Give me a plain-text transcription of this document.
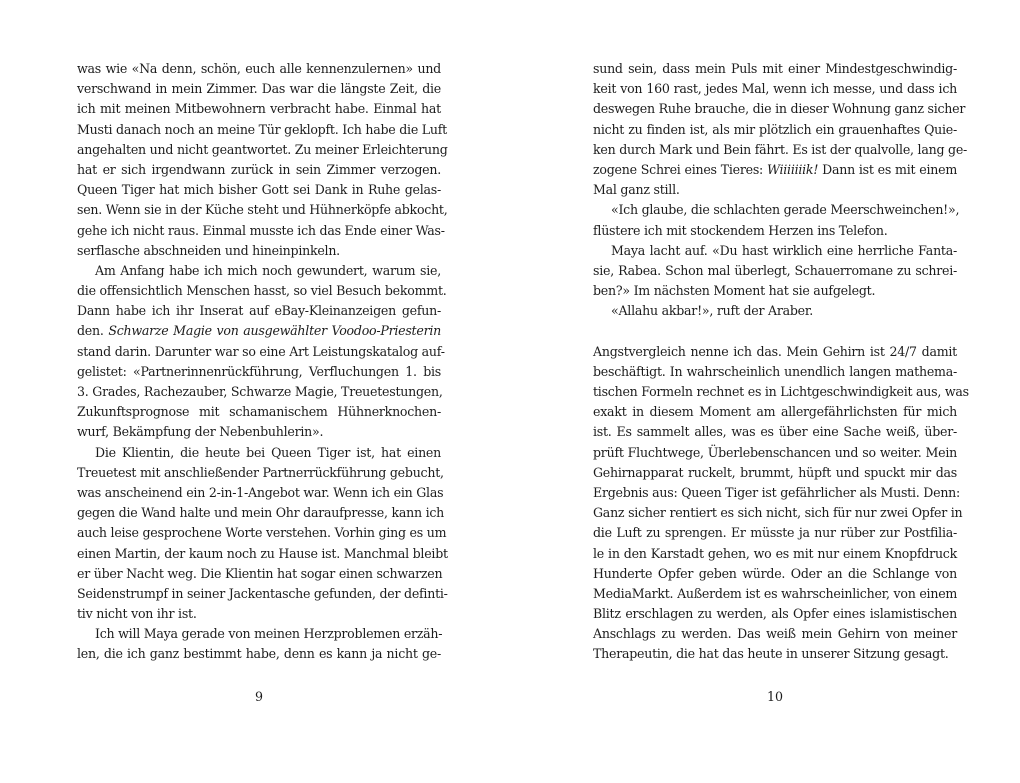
was wie «Na denn, schön, euch alle kennenzulernen» und
verschwand in mein Zimmer. Das war die längste Zeit, die
ich mit meinen Mitbewohnern verbracht habe. Einmal hat
Musti danach noch an meine Tür geklopft. Ich habe die Luft
angehalten und nicht geantwortet. Zu meiner Erleichterung
hat er sich irgendwann zurück in sein Zimmer verzogen.
Queen Tiger hat mich bisher Gott sei Dank in Ruhe gelas-
sen. Wenn sie in der Küche steht und Hühnerköpfe abkocht,
gehe ich nicht raus. Einmal musste ich das Ende einer Was-
serflasche abschneiden und hineinpinkeln.
Am Anfang habe ich mich noch gewundert, warum sie,
die offensichtlich Menschen hasst, so viel Besuch bekommt.
Dann habe ich ihr Inserat auf eBay-Kleinanzeigen gefun-
den. Schwarze Magie von ausgewählter Voodoo-Priesterin
stand darin. Darunter war so eine Art Leistungskatalog auf-
gelistet: «Partnerinnenrückführung, Verfluchungen 1. bis
3. Grades, Rachezauber, Schwarze Magie, Treuetestungen,
Zukunftsprognose mit schamanischem Hühnerknochen-
wurf, Bekämpfung der Nebenbuhlerin».
Die Klientin, die heute bei Queen Tiger ist, hat einen
Treuetest mit anschließender Partnerrückführung gebucht,
was anscheinend ein 2-in-1-Angebot war. Wenn ich ein Glas
gegen die Wand halte und mein Ohr daraufpresse, kann ich
auch leise gesprochene Worte verstehen. Vorhin ging es um
einen Martin, der kaum noch zu Hause ist. Manchmal bleibt
er über Nacht weg. Die Klientin hat sogar einen schwarzen
Seidenstrumpf in seiner Jackentasche gefunden, der definti-
tiv nicht von ihr ist.
Ich will Maya gerade von meinen Herzproblemen erzäh-
len, die ich ganz bestimmt habe, denn es kann ja nicht ge-
sund sein, dass mein Puls mit einer Mindestgeschwindig-
keit von 160 rast, jedes Mal, wenn ich messe, und dass ich
deswegen Ruhe brauche, die in dieser Wohnung ganz sicher
nicht zu finden ist, als mir plötzlich ein grauenhaftes Quie-
ken durch Mark und Bein fährt. Es ist der qualvolle, lang ge-
zogene Schrei eines Tieres: Wiiiiiiik! Dann ist es mit einem
Mal ganz still.
«Ich glaube, die schlachten gerade Meerschweinchen!»,
flüstere ich mit stockendem Herzen ins Telefon.
Maya lacht auf. «Du hast wirklich eine herrliche Fanta-
sie, Rabea. Schon mal überlegt, Schauerromane zu schrei-
ben?» Im nächsten Moment hat sie aufgelegt.
«Allahu akbar!», ruft der Araber.
Angstvergleich nenne ich das. Mein Gehirn ist 24/7 damit
beschäftigt. In wahrscheinlich unendlich langen mathema-
tischen Formeln rechnet es in Lichtgeschwindigkeit aus, was
exakt in diesem Moment am allergefährlichsten für mich
ist. Es sammelt alles, was es über eine Sache weiß, über-
prüft Fluchtwege, Überlebenschancen und so weiter. Mein
Gehirnapparat ruckelt, brummt, hüpft und spuckt mir das
Ergebnis aus: Queen Tiger ist gefährlicher als Musti. Denn:
Ganz sicher rentiert es sich nicht, sich für nur zwei Opfer in
die Luft zu sprengen. Er müsste ja nur rüber zur Postfilia-
le in den Karstadt gehen, wo es mit nur einem Knopfdruck
Hunderte Opfer geben würde. Oder an die Schlange von
MediaMarkt. Außerdem ist es wahrscheinlicher, von einem
Blitz erschlagen zu werden, als Opfer eines islamistischen
Anschlags zu werden. Das weiß mein Gehirn von meiner
Therapeutin, die hat das heute in unserer Sitzung gesagt.
9	10
